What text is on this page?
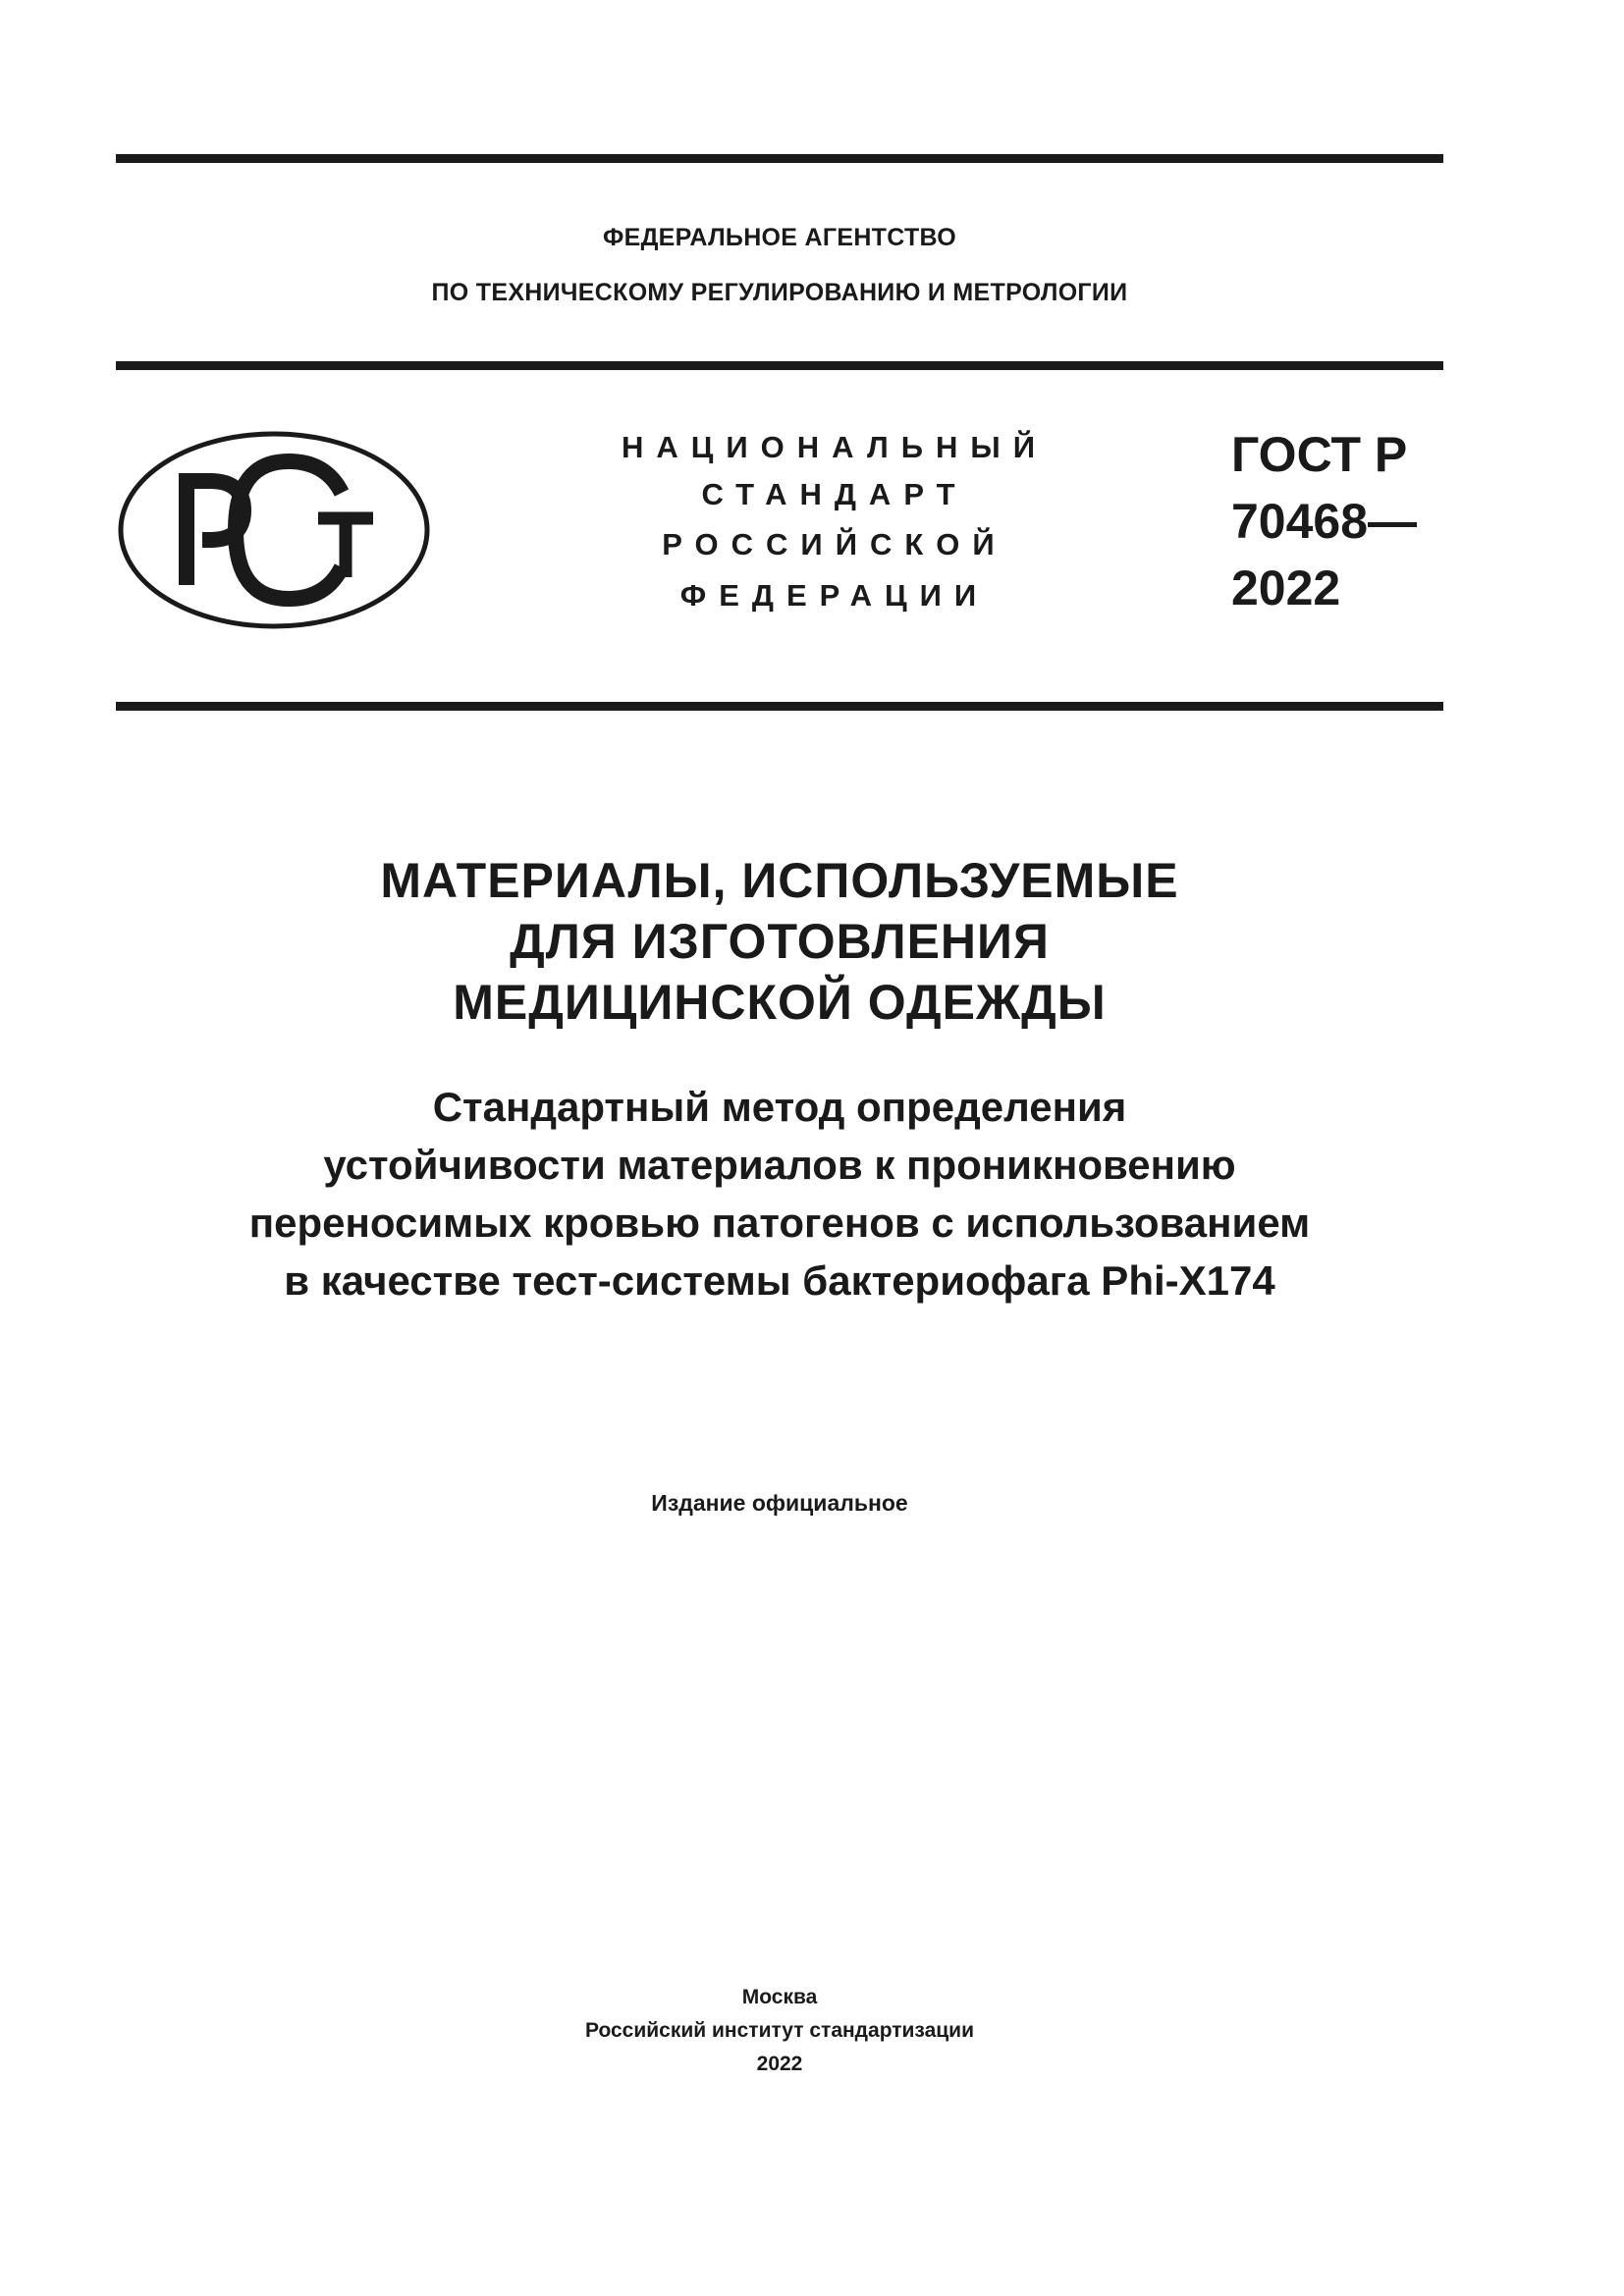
ФЕДЕРАЛЬНОЕ АГЕНТСТВО
ПО ТЕХНИЧЕСКОМУ РЕГУЛИРОВАНИЮ И МЕТРОЛОГИИ
НАЦИОНАЛЬНЫЙ
СТАНДАРТ
РОССИЙСКОЙ
ФЕДЕРАЦИИ
ГОСТ Р
70468—
2022
МАТЕРИАЛЫ, ИСПОЛЬЗУЕМЫЕ
ДЛЯ ИЗГОТОВЛЕНИЯ
МЕДИЦИНСКОЙ ОДЕЖДЫ
Стандартный метод определения
устойчивости материалов к проникновению
переносимых кровью патогенов с использованием
в качестве тест-системы бактериофага Phi-X174
Издание официальное
Москва
Российский институт стандартизации
2022
